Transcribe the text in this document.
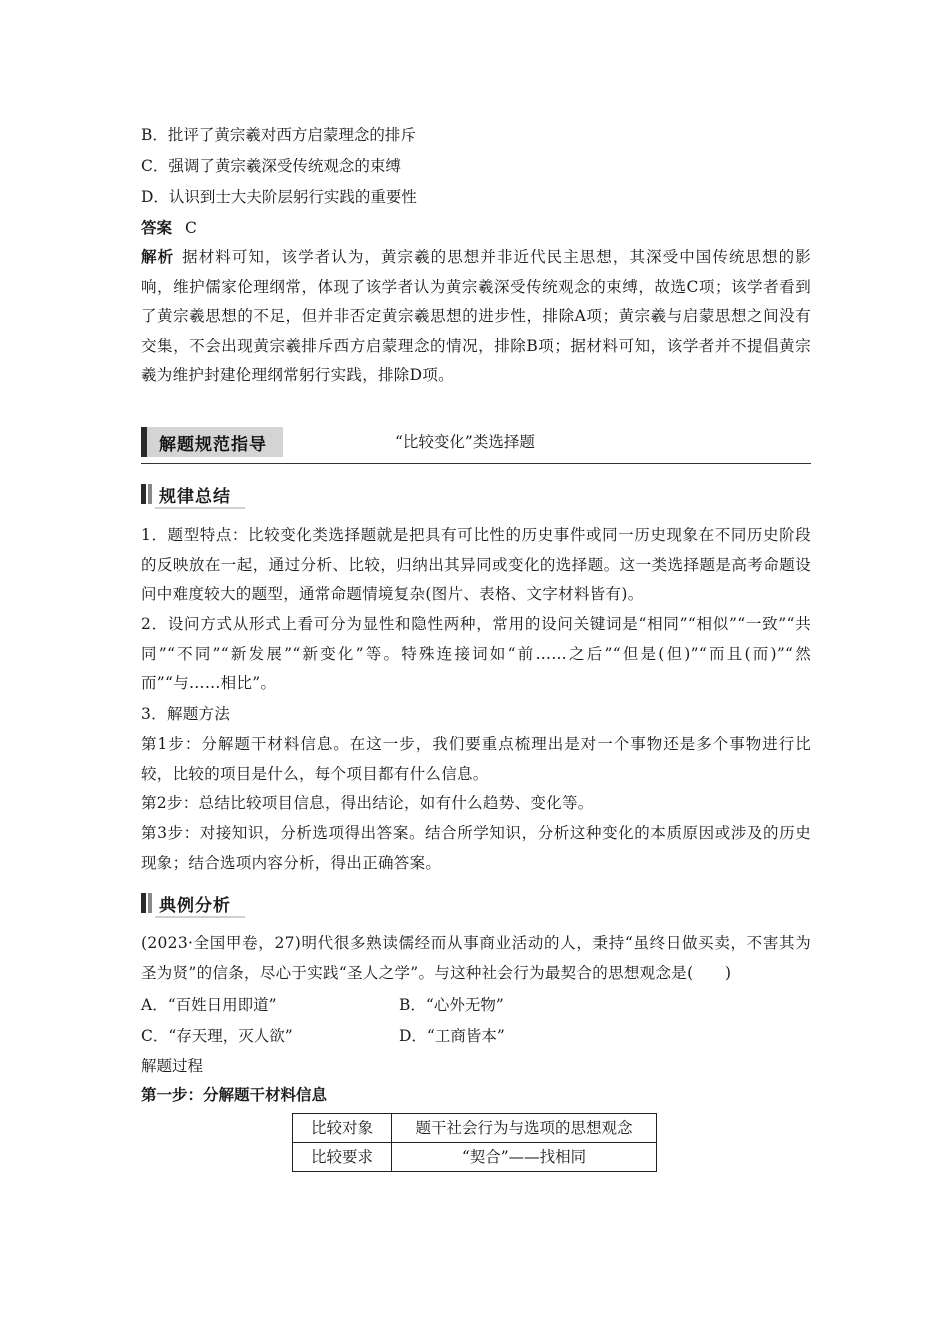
B．批评了黄宗羲对西方启蒙理念的排斥
C．强调了黄宗羲深受传统观念的束缚
D．认识到士大夫阶层躬行实践的重要性
答案 C
解析 据材料可知，该学者认为，黄宗羲的思想并非近代民主思想，其深受中国传统思想的影响，维护儒家伦理纲常，体现了该学者认为黄宗羲深受传统观念的束缚，故选C项；该学者看到了黄宗羲思想的不足，但并非否定黄宗羲思想的进步性，排除A项；黄宗羲与启蒙思想之间没有交集，不会出现黄宗羲排斥西方启蒙理念的情况，排除B项；据材料可知，该学者并不提倡黄宗羲为维护封建伦理纲常躬行实践，排除D项。
解题规范指导	“比较变化”类选择题
规律总结
1．题型特点：比较变化类选择题就是把具有可比性的历史事件或同一历史现象在不同历史阶段的反映放在一起，通过分析、比较，归纳出其异同或变化的选择题。这一类选择题是高考命题设问中难度较大的题型，通常命题情境复杂(图片、表格、文字材料皆有)。
2．设问方式从形式上看可分为显性和隐性两种，常用的设问关键词是“相同”“相似”“一致”“共同”“不同”“新发展”“新变化”等。特殊连接词如“前……之后”“但是(但)”“而且(而)”“然而”“与……相比”。
3．解题方法
第1步：分解题干材料信息。在这一步，我们要重点梳理出是对一个事物还是多个事物进行比较，比较的项目是什么，每个项目都有什么信息。
第2步：总结比较项目信息，得出结论，如有什么趋势、变化等。
第3步：对接知识，分析选项得出答案。结合所学知识，分析这种变化的本质原因或涉及的历史现象；结合选项内容分析，得出正确答案。
典例分析
(2023·全国甲卷，27)明代很多熟读儒经而从事商业活动的人，秉持“虽终日做买卖，不害其为圣为贤”的信条，尽心于实践“圣人之学”。与这种社会行为最契合的思想观念是(　　)
A．“百姓日用即道”	B．“心外无物”
C．“存天理，灭人欲”	D．“工商皆本”
解题过程
第一步：分解题干材料信息
比较对象	题干社会行为与选项的思想观念
比较要求	“契合”——找相同
